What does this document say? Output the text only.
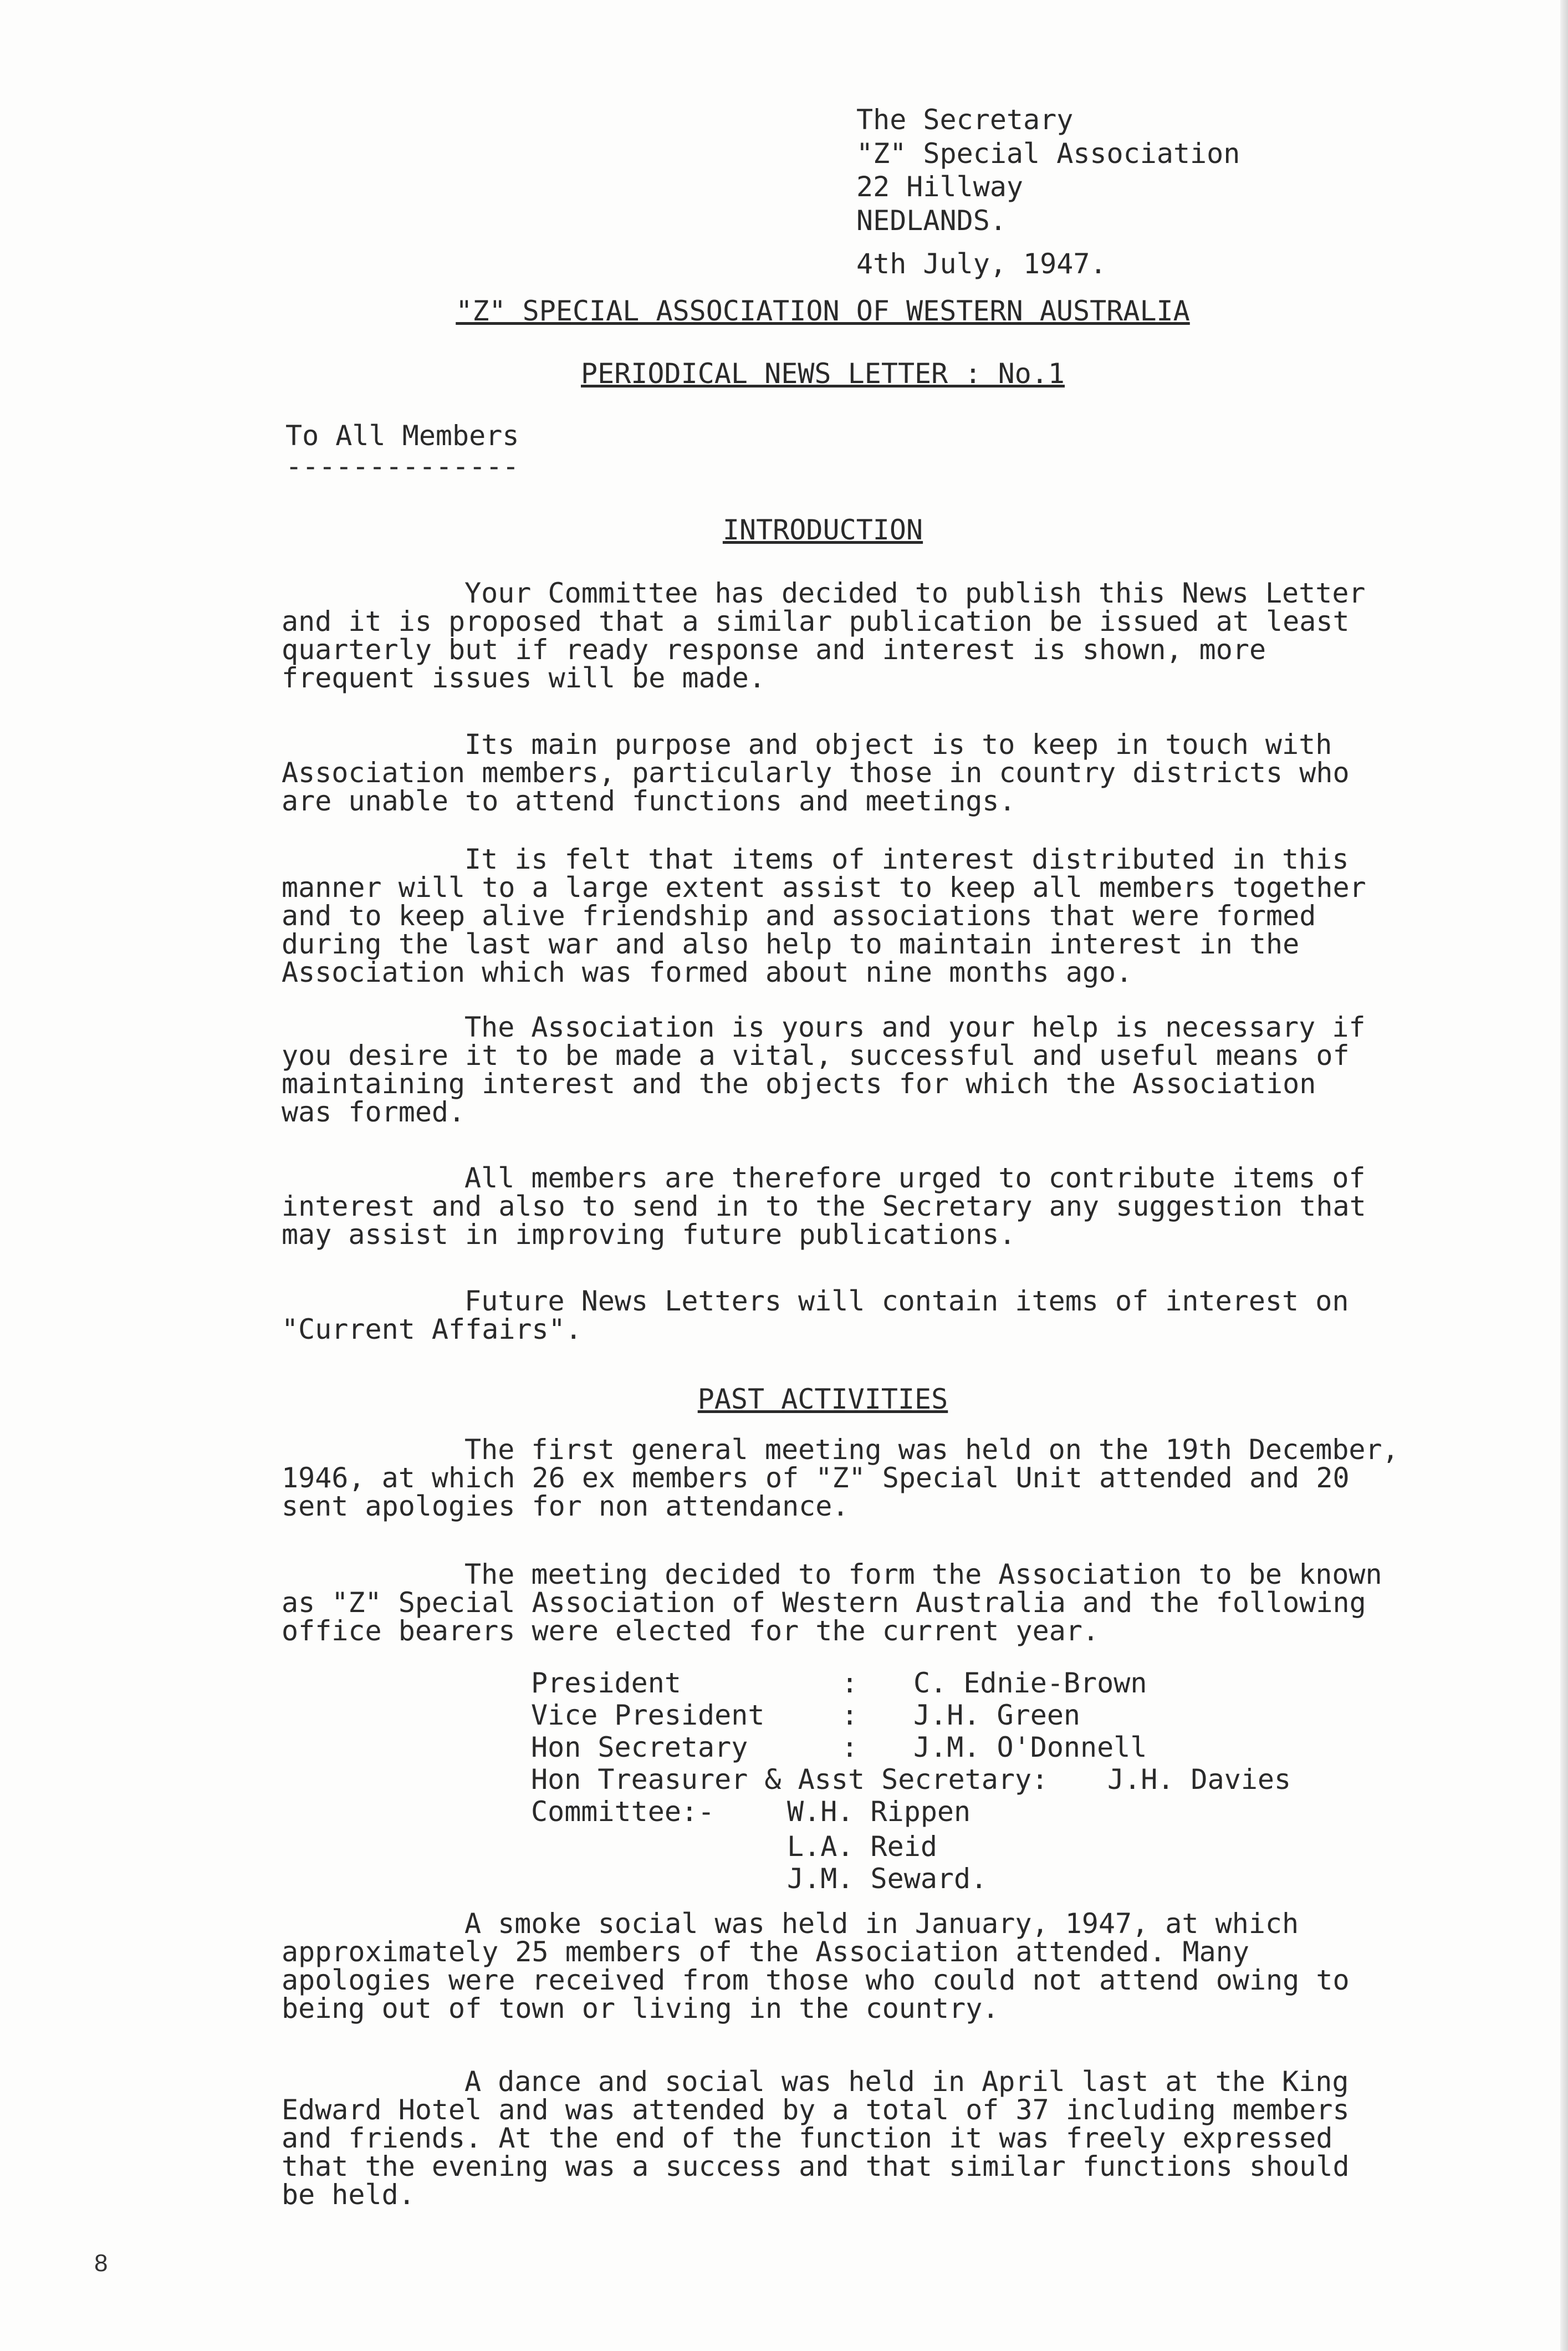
The Secretary
"Z" Special Association
22 Hillway
NEDLANDS.
4th July, 1947.
"Z" SPECIAL ASSOCIATION OF WESTERN AUSTRALIA
PERIODICAL NEWS LETTER : No.1
To All Members
--------------
INTRODUCTION
Your Committee has decided to publish this News Letter
and it is proposed that a similar publication be issued at least
quarterly but if ready response and interest is shown, more
frequent issues will be made.
Its main purpose and object is to keep in touch with
Association members, particularly those in country districts who
are unable to attend functions and meetings.
It is felt that items of interest distributed in this
manner will to a large extent assist to keep all members together
and to keep alive friendship and associations that were formed
during the last war and also help to maintain interest in the
Association which was formed about nine months ago.
The Association is yours and your help is necessary if
you desire it to be made a vital, successful and useful means of
maintaining interest and the objects for which the Association
was formed.
All members are therefore urged to contribute items of
interest and also to send in to the Secretary any suggestion that
may assist in improving future publications.
Future News Letters will contain items of interest on
"Current Affairs".
PAST ACTIVITIES
The first general meeting was held on the 19th December,
1946, at which 26 ex members of "Z" Special Unit attended and 20
sent apologies for non attendance.
The meeting decided to form the Association to be known
as "Z" Special Association of Western Australia and the following
office bearers were elected for the current year.
President	:	C. Ednie-Brown
Vice President	:	J.H. Green
Hon Secretary	:	J.M. O'Donnell
Hon Treasurer & Asst Secretary:	J.H. Davies
Committee:-	W.H. Rippen
L.A. Reid
J.M. Seward.
A smoke social was held in January, 1947, at which
approximately 25 members of the Association attended. Many
apologies were received from those who could not attend owing to
being out of town or living in the country.
A dance and social was held in April last at the King
Edward Hotel and was attended by a total of 37 including members
and friends. At the end of the function it was freely expressed
that the evening was a success and that similar functions should
be held.
8
